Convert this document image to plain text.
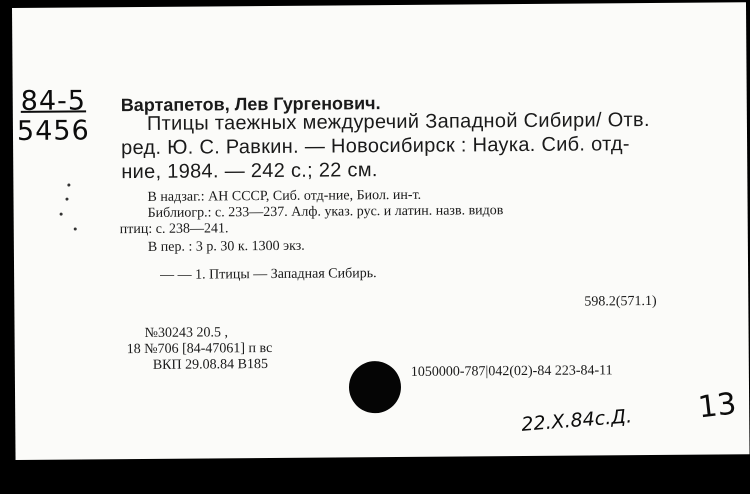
84-5
5456
Вартапетов, Лев Гургенович.
Птицы таежных междуречий Западной Сибири/ Отв.
ред. Ю. С. Равкин. — Новосибирск : Наука. Сиб. отд-
ние, 1984. — 242 с.; 22 см.
В надзаг.: АН СССР, Сиб. отд-ние, Биол. ин-т.
Библиогр.: с. 233—237. Алф. указ. рус. и латин. назв. видов
птиц: с. 238—241.
В пер. : 3 р. 30 к. 1300 экз.
— — 1. Птицы — Западная Сибирь.
598.2(571.1)
№30243 20.5 ,
18 №706 [84-47061] п вс
ВКП 29.08.84 B185	1050000-787|042(02)-84 223-84-11
22.X.84с.Д. 13
